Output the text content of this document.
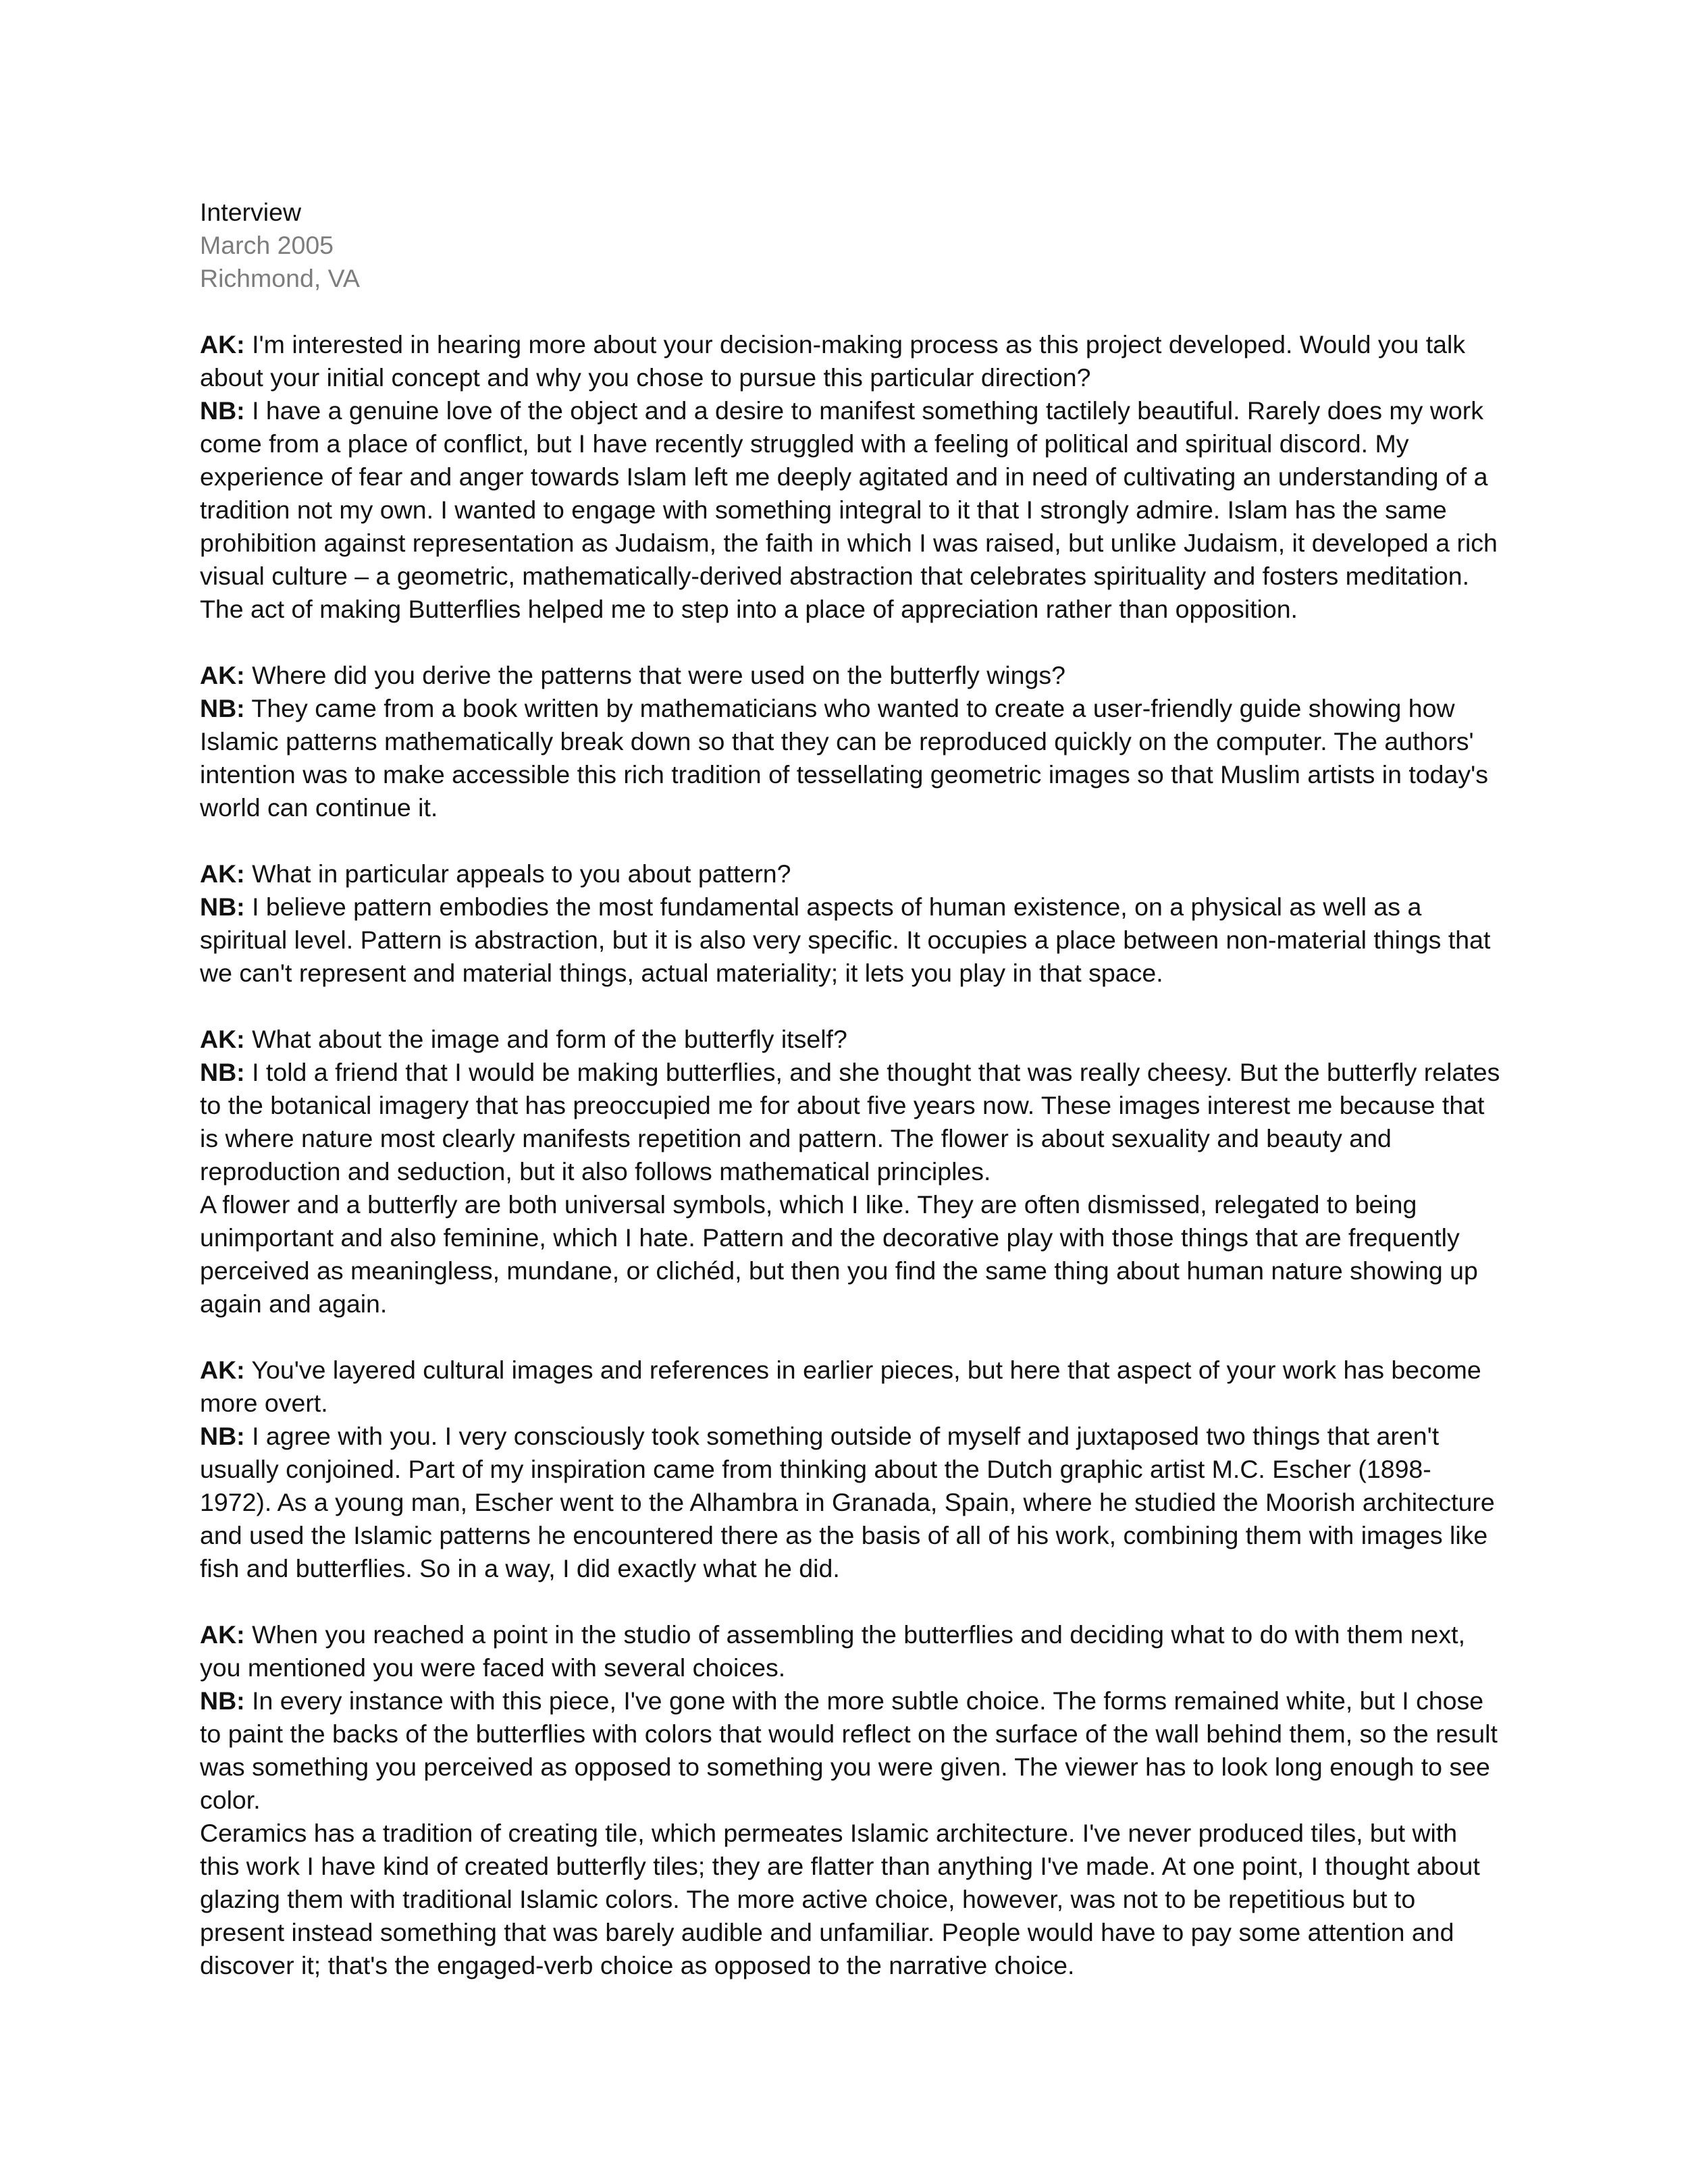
Interview
March 2005
Richmond, VA

AK: I'm interested in hearing more about your decision-making process as this project developed. Would you talk about your initial concept and why you chose to pursue this particular direction?

NB: I have a genuine love of the object and a desire to manifest something tactilely beautiful. Rarely does my work come from a place of conflict, but I have recently struggled with a feeling of political and spiritual discord. My experience of fear and anger towards Islam left me deeply agitated and in need of cultivating an understanding of a tradition not my own. I wanted to engage with something integral to it that I strongly admire. Islam has the same prohibition against representation as Judaism, the faith in which I was raised, but unlike Judaism, it developed a rich visual culture – a geometric, mathematically-derived abstraction that celebrates spirituality and fosters meditation. The act of making Butterflies helped me to step into a place of appreciation rather than opposition.

AK: Where did you derive the patterns that were used on the butterfly wings?

NB: They came from a book written by mathematicians who wanted to create a user-friendly guide showing how Islamic patterns mathematically break down so that they can be reproduced quickly on the computer. The authors' intention was to make accessible this rich tradition of tessellating geometric images so that Muslim artists in today's world can continue it.

AK: What in particular appeals to you about pattern?

NB: I believe pattern embodies the most fundamental aspects of human existence, on a physical as well as a spiritual level. Pattern is abstraction, but it is also very specific. It occupies a place between non-material things that we can't represent and material things, actual materiality; it lets you play in that space.

AK: What about the image and form of the butterfly itself?

NB: I told a friend that I would be making butterflies, and she thought that was really cheesy. But the butterfly relates to the botanical imagery that has preoccupied me for about five years now. These images interest me because that is where nature most clearly manifests repetition and pattern. The flower is about sexuality and beauty and reproduction and seduction, but it also follows mathematical principles.

A flower and a butterfly are both universal symbols, which I like. They are often dismissed, relegated to being unimportant and also feminine, which I hate. Pattern and the decorative play with those things that are frequently perceived as meaningless, mundane, or clichéd, but then you find the same thing about human nature showing up again and again.

AK: You've layered cultural images and references in earlier pieces, but here that aspect of your work has become more overt.

NB: I agree with you. I very consciously took something outside of myself and juxtaposed two things that aren't usually conjoined. Part of my inspiration came from thinking about the Dutch graphic artist M.C. Escher (1898-1972). As a young man, Escher went to the Alhambra in Granada, Spain, where he studied the Moorish architecture and used the Islamic patterns he encountered there as the basis of all of his work, combining them with images like fish and butterflies. So in a way, I did exactly what he did.

AK: When you reached a point in the studio of assembling the butterflies and deciding what to do with them next, you mentioned you were faced with several choices.

NB: In every instance with this piece, I've gone with the more subtle choice. The forms remained white, but I chose to paint the backs of the butterflies with colors that would reflect on the surface of the wall behind them, so the result was something you perceived as opposed to something you were given. The viewer has to look long enough to see color.

Ceramics has a tradition of creating tile, which permeates Islamic architecture. I've never produced tiles, but with this work I have kind of created butterfly tiles; they are flatter than anything I've made. At one point, I thought about glazing them with traditional Islamic colors. The more active choice, however, was not to be repetitious but to present instead something that was barely audible and unfamiliar. People would have to pay some attention and discover it; that's the engaged-verb choice as opposed to the narrative choice.
